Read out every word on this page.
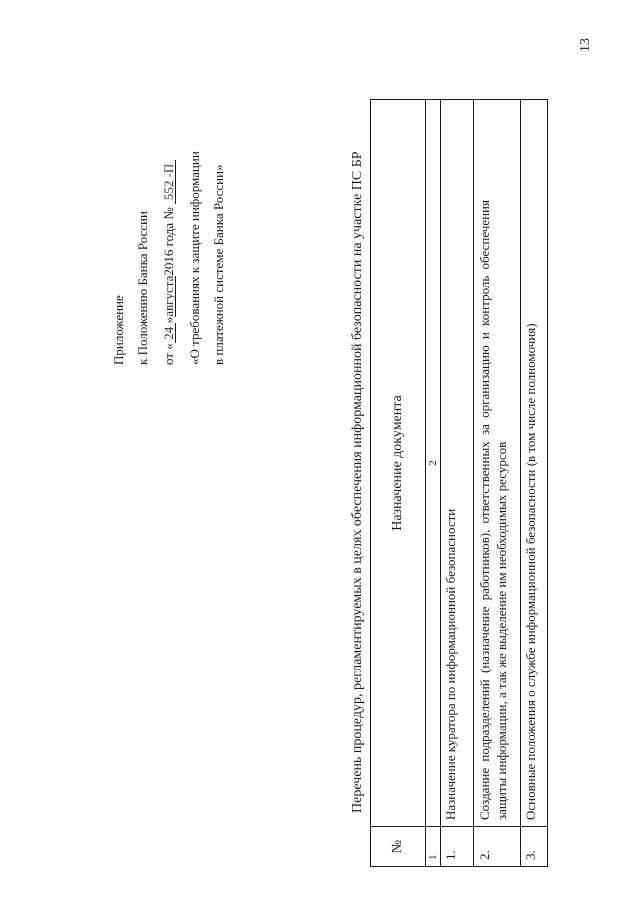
Приложение к Положению Банка России от «24»августа2016 года № 552 -П «О требованиях к защите информации в платежной системе Банка России»	Перечень процедур, регламентируемых в целях обеспечения информационной безопасности на участке ПС БР
№	Назначение документа
1	2
1.	Назначение куратора по информационной безопасности
2.	Создание подразделений (назначение работников), ответственных за организацию и контроль обеспечения защиты информации, а так же выделение им необходимых ресурсов

3.	Основные положения о службе информационной безопасности (в том числе полномочия)
13
